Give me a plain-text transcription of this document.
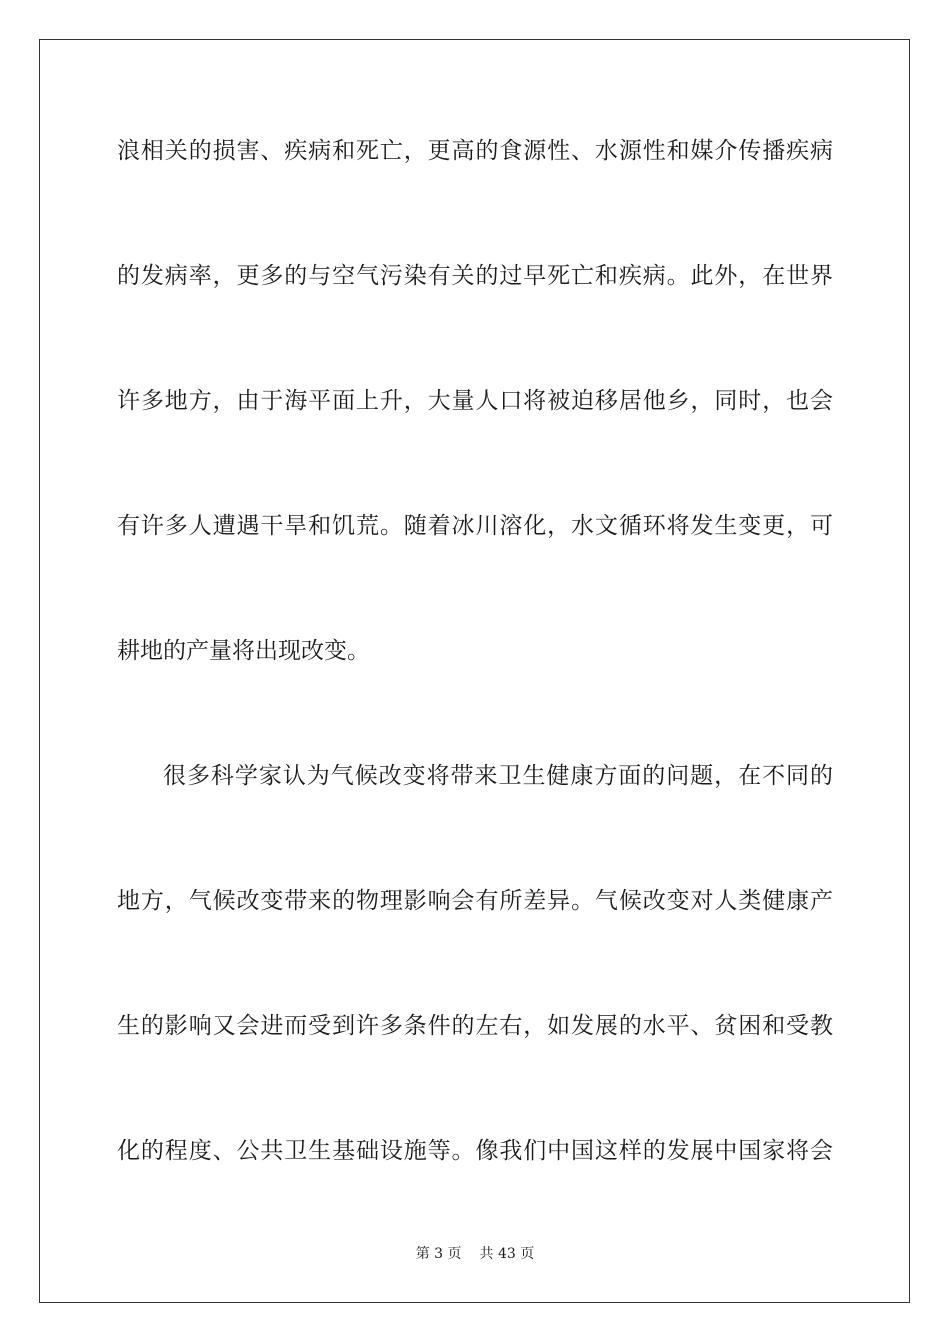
浪相关的损害、疾病和死亡，更高的食源性、水源性和媒介传播疾病
的发病率，更多的与空气污染有关的过早死亡和疾病。此外，在世界
许多地方，由于海平面上升，大量人口将被迫移居他乡，同时，也会
有许多人遭遇干旱和饥荒。随着冰川溶化，水文循环将发生变更，可
耕地的产量将出现改变。
很多科学家认为气候改变将带来卫生健康方面的问题，在不同的
地方，气候改变带来的物理影响会有所差异。气候改变对人类健康产
生的影响又会进而受到许多条件的左右，如发展的水平、贫困和受教
化的程度、公共卫生基础设施等。像我们中国这样的发展中国家将会
第 3 页 共 43 页
